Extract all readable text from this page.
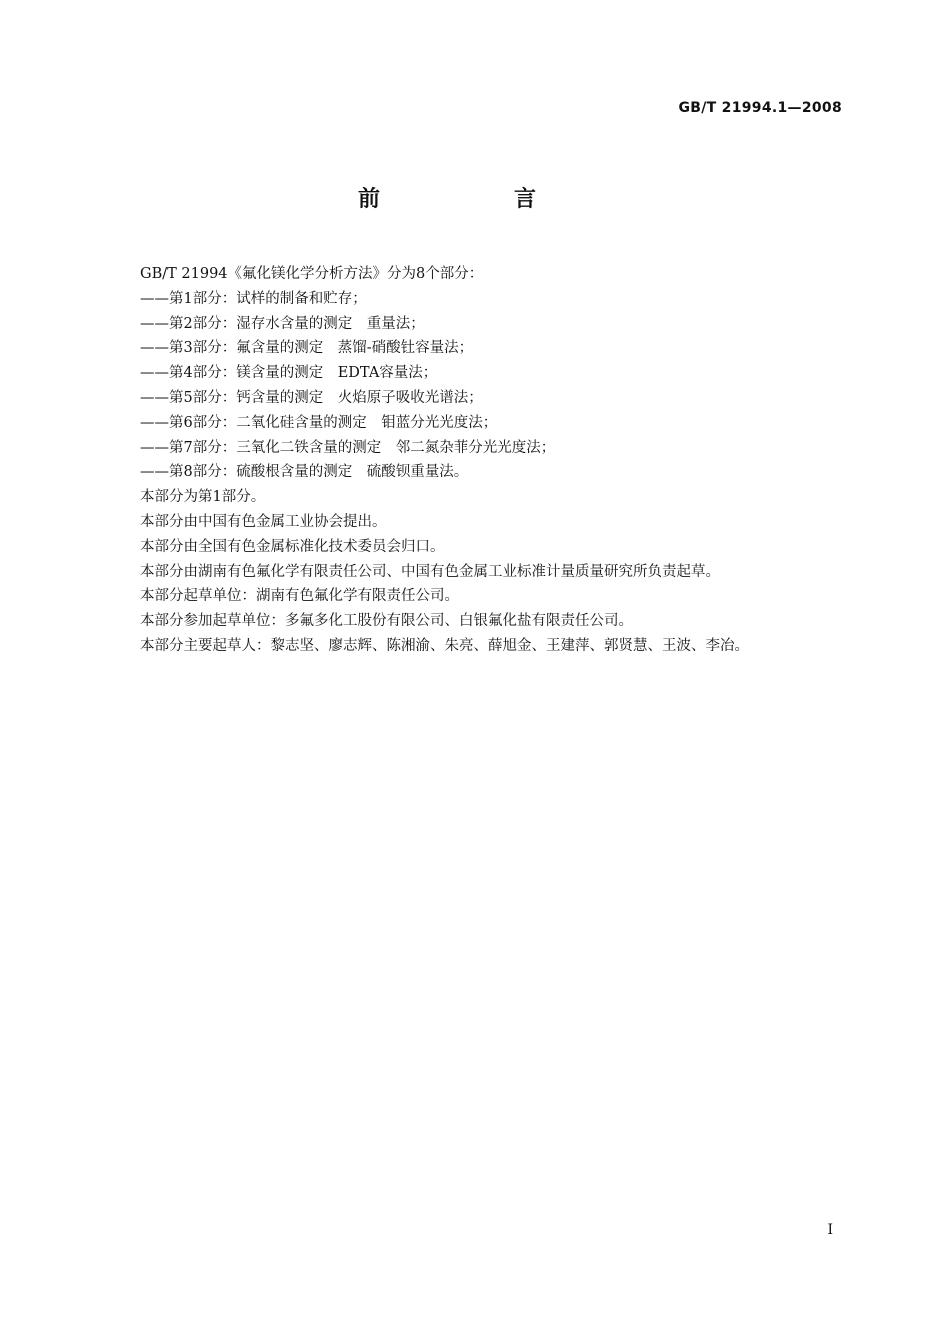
GB/T 21994.1—2008
前　言
GB/T 21994《氟化镁化学分析方法》分为8个部分：
——第1部分：试样的制备和贮存；
——第2部分：湿存水含量的测定　重量法；
——第3部分：氟含量的测定　蒸馏-硝酸钍容量法；
——第4部分：镁含量的测定　EDTA容量法；
——第5部分：钙含量的测定　火焰原子吸收光谱法；
——第6部分：二氧化硅含量的测定　钼蓝分光光度法；
——第7部分：三氧化二铁含量的测定　邻二氮杂菲分光光度法；
——第8部分：硫酸根含量的测定　硫酸钡重量法。
本部分为第1部分。
本部分由中国有色金属工业协会提出。
本部分由全国有色金属标准化技术委员会归口。
本部分由湖南有色氟化学有限责任公司、中国有色金属工业标准计量质量研究所负责起草。
本部分起草单位：湖南有色氟化学有限责任公司。
本部分参加起草单位：多氟多化工股份有限公司、白银氟化盐有限责任公司。
本部分主要起草人：黎志坚、廖志辉、陈湘渝、朱亮、薛旭金、王建萍、郭贤慧、王波、李冶。
I
